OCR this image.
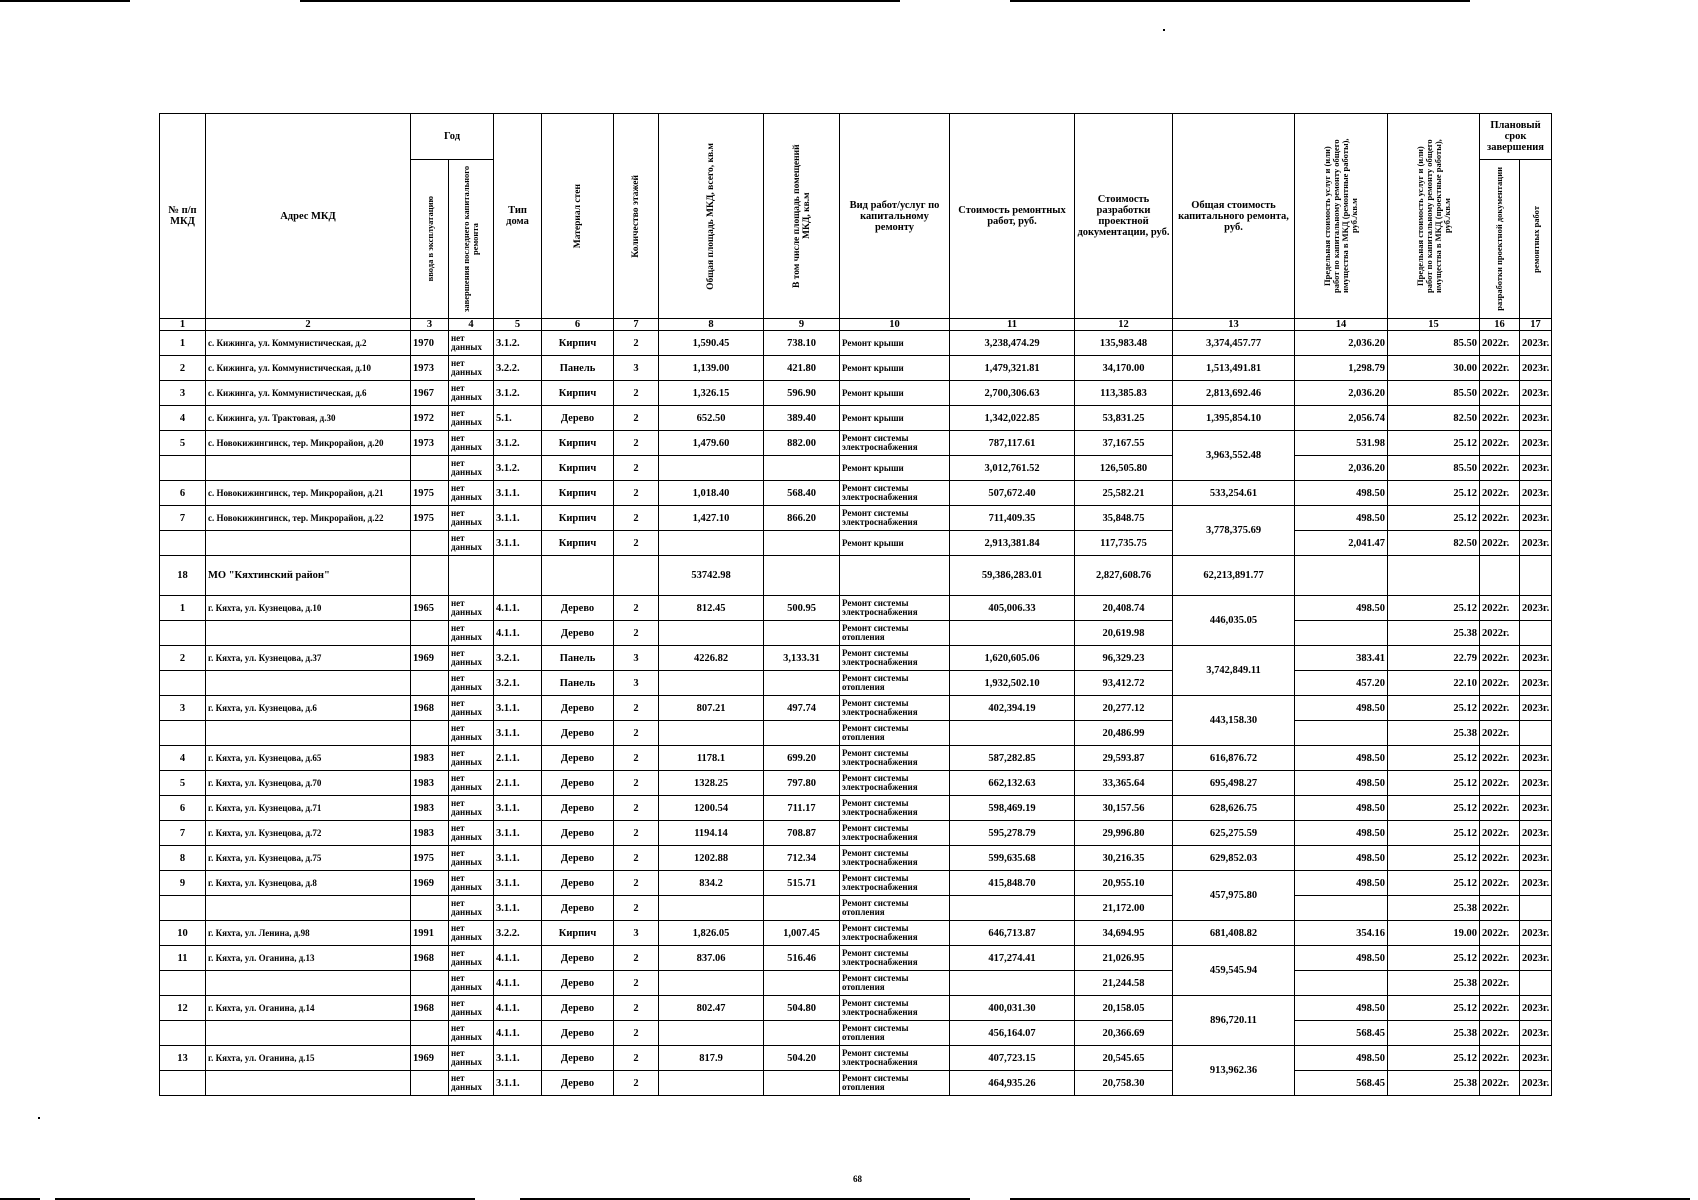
№ п/п МКД	Адрес МКД	Год		Тип дома	Материал стен	Количество этажей	Общая площадь МКД, всего, кв.м	В том числе площадь помещений МКД, кв.м	Вид работ/услуг по капитальному ремонту	Стоимость ремонтных работ, руб.	Стоимость разработки проектной документации, руб.	Общая стоимость капитального ремонта, руб.	Предельная стоимость услуг и (или) работ по капитальному ремонту общего имущества в МКД (ремонтные работы), руб./кв.м	Предельная стоимость услуг и (или) работ по капитальному ремонту общего имущества в МКД (проектные работы), руб./кв.м	Плановый срок завершения	

		ввода в эксплуатацию	завершения последнего капитального ремонта												разработки проектной документации	ремонтных работ

1	2	3	4	5	6	7	8	9	10	11	12	13	14	15	16	17
1	с. Кижинга, ул. Коммунистическая, д.2	1970	нет данных	3.1.2.	Кирпич	2	1,590.45	738.10	Ремонт крыши	3,238,474.29	135,983.48	3,374,457.77	2,036.20	85.50	2022г.	2023г.
2	с. Кижинга, ул. Коммунистическая, д.10	1973	нет данных	3.2.2.	Панель	3	1,139.00	421.80	Ремонт крыши	1,479,321.81	34,170.00	1,513,491.81	1,298.79	30.00	2022г.	2023г.
3	с. Кижинга, ул. Коммунистическая, д.6	1967	нет данных	3.1.2.	Кирпич	2	1,326.15	596.90	Ремонт крыши	2,700,306.63	113,385.83	2,813,692.46	2,036.20	85.50	2022г.	2023г.
4	с. Кижинга, ул. Трактовая, д.30	1972	нет данных	5.1.	Дерево	2	652.50	389.40	Ремонт крыши	1,342,022.85	53,831.25	1,395,854.10	2,056.74	82.50	2022г.	2023г.
5	с. Новокижингинск, тер. Микрорайон, д.20	1973	нет данных	3.1.2.	Кирпич	2	1,479.60	882.00	Ремонт системы электроснабжения	787,117.61	37,167.55	3,963,552.48	531.98	25.12	2022г.	2023г.
			нет данных	3.1.2.	Кирпич	2			Ремонт крыши	3,012,761.52	126,505.80		2,036.20	85.50	2022г.	2023г.
6	с. Новокижингинск, тер. Микрорайон, д.21	1975	нет данных	3.1.1.	Кирпич	2	1,018.40	568.40	Ремонт системы электроснабжения	507,672.40	25,582.21	533,254.61	498.50	25.12	2022г.	2023г.
7	с. Новокижингинск, тер. Микрорайон, д.22	1975	нет данных	3.1.1.	Кирпич	2	1,427.10	866.20	Ремонт системы электроснабжения	711,409.35	35,848.75	3,778,375.69	498.50	25.12	2022г.	2023г.
			нет данных	3.1.1.	Кирпич	2			Ремонт крыши	2,913,381.84	117,735.75		2,041.47	82.50	2022г.	2023г.
18	МО "Кяхтинский район"						53742.98			59,386,283.01	2,827,608.76	62,213,891.77				
1	г. Кяхта, ул. Кузнецова, д.10	1965	нет данных	4.1.1.	Дерево	2	812.45	500.95	Ремонт системы электроснабжения	405,006.33	20,408.74	446,035.05	498.50	25.12	2022г.	2023г.
			нет данных	4.1.1.	Дерево	2			Ремонт системы отопления		20,619.98			25.38	2022г.	
2	г. Кяхта, ул. Кузнецова, д.37	1969	нет данных	3.2.1.	Панель	3	4226.82	3,133.31	Ремонт системы электроснабжения	1,620,605.06	96,329.23	3,742,849.11	383.41	22.79	2022г.	2023г.
			нет данных	3.2.1.	Панель	3			Ремонт системы отопления	1,932,502.10	93,412.72		457.20	22.10	2022г.	2023г.
3	г. Кяхта, ул. Кузнецова, д.6	1968	нет данных	3.1.1.	Дерево	2	807.21	497.74	Ремонт системы электроснабжения	402,394.19	20,277.12	443,158.30	498.50	25.12	2022г.	2023г.
			нет данных	3.1.1.	Дерево	2			Ремонт системы отопления		20,486.99			25.38	2022г.	
4	г. Кяхта, ул. Кузнецова, д.65	1983	нет данных	2.1.1.	Дерево	2	1178.1	699.20	Ремонт системы электроснабжения	587,282.85	29,593.87	616,876.72	498.50	25.12	2022г.	2023г.
5	г. Кяхта, ул. Кузнецова, д.70	1983	нет данных	2.1.1.	Дерево	2	1328.25	797.80	Ремонт системы электроснабжения	662,132.63	33,365.64	695,498.27	498.50	25.12	2022г.	2023г.
6	г. Кяхта, ул. Кузнецова, д.71	1983	нет данных	3.1.1.	Дерево	2	1200.54	711.17	Ремонт системы электроснабжения	598,469.19	30,157.56	628,626.75	498.50	25.12	2022г.	2023г.
7	г. Кяхта, ул. Кузнецова, д.72	1983	нет данных	3.1.1.	Дерево	2	1194.14	708.87	Ремонт системы электроснабжения	595,278.79	29,996.80	625,275.59	498.50	25.12	2022г.	2023г.
8	г. Кяхта, ул. Кузнецова, д.75	1975	нет данных	3.1.1.	Дерево	2	1202.88	712.34	Ремонт системы электроснабжения	599,635.68	30,216.35	629,852.03	498.50	25.12	2022г.	2023г.
9	г. Кяхта, ул. Кузнецова, д.8	1969	нет данных	3.1.1.	Дерево	2	834.2	515.71	Ремонт системы электроснабжения	415,848.70	20,955.10	457,975.80	498.50	25.12	2022г.	2023г.
			нет данных	3.1.1.	Дерево	2			Ремонт системы отопления		21,172.00			25.38	2022г.	
10	г. Кяхта, ул. Ленина, д.98	1991	нет данных	3.2.2.	Кирпич	3	1,826.05	1,007.45	Ремонт системы электроснабжения	646,713.87	34,694.95	681,408.82	354.16	19.00	2022г.	2023г.
11	г. Кяхта, ул. Оганина, д.13	1968	нет данных	4.1.1.	Дерево	2	837.06	516.46	Ремонт системы электроснабжения	417,274.41	21,026.95	459,545.94	498.50	25.12	2022г.	2023г.
			нет данных	4.1.1.	Дерево	2			Ремонт системы отопления		21,244.58			25.38	2022г.	
12	г. Кяхта, ул. Оганина, д.14	1968	нет данных	4.1.1.	Дерево	2	802.47	504.80	Ремонт системы электроснабжения	400,031.30	20,158.05	896,720.11	498.50	25.12	2022г.	2023г.
			нет данных	4.1.1.	Дерево	2			Ремонт системы отопления	456,164.07	20,366.69		568.45	25.38	2022г.	2023г.
13	г. Кяхта, ул. Оганина, д.15	1969	нет данных	3.1.1.	Дерево	2	817.9	504.20	Ремонт системы электроснабжения	407,723.15	20,545.65	913,962.36	498.50	25.12	2022г.	2023г.
			нет данных	3.1.1.	Дерево	2			Ремонт системы отопления	464,935.26	20,758.30		568.45	25.38	2022г.	2023г.
68
